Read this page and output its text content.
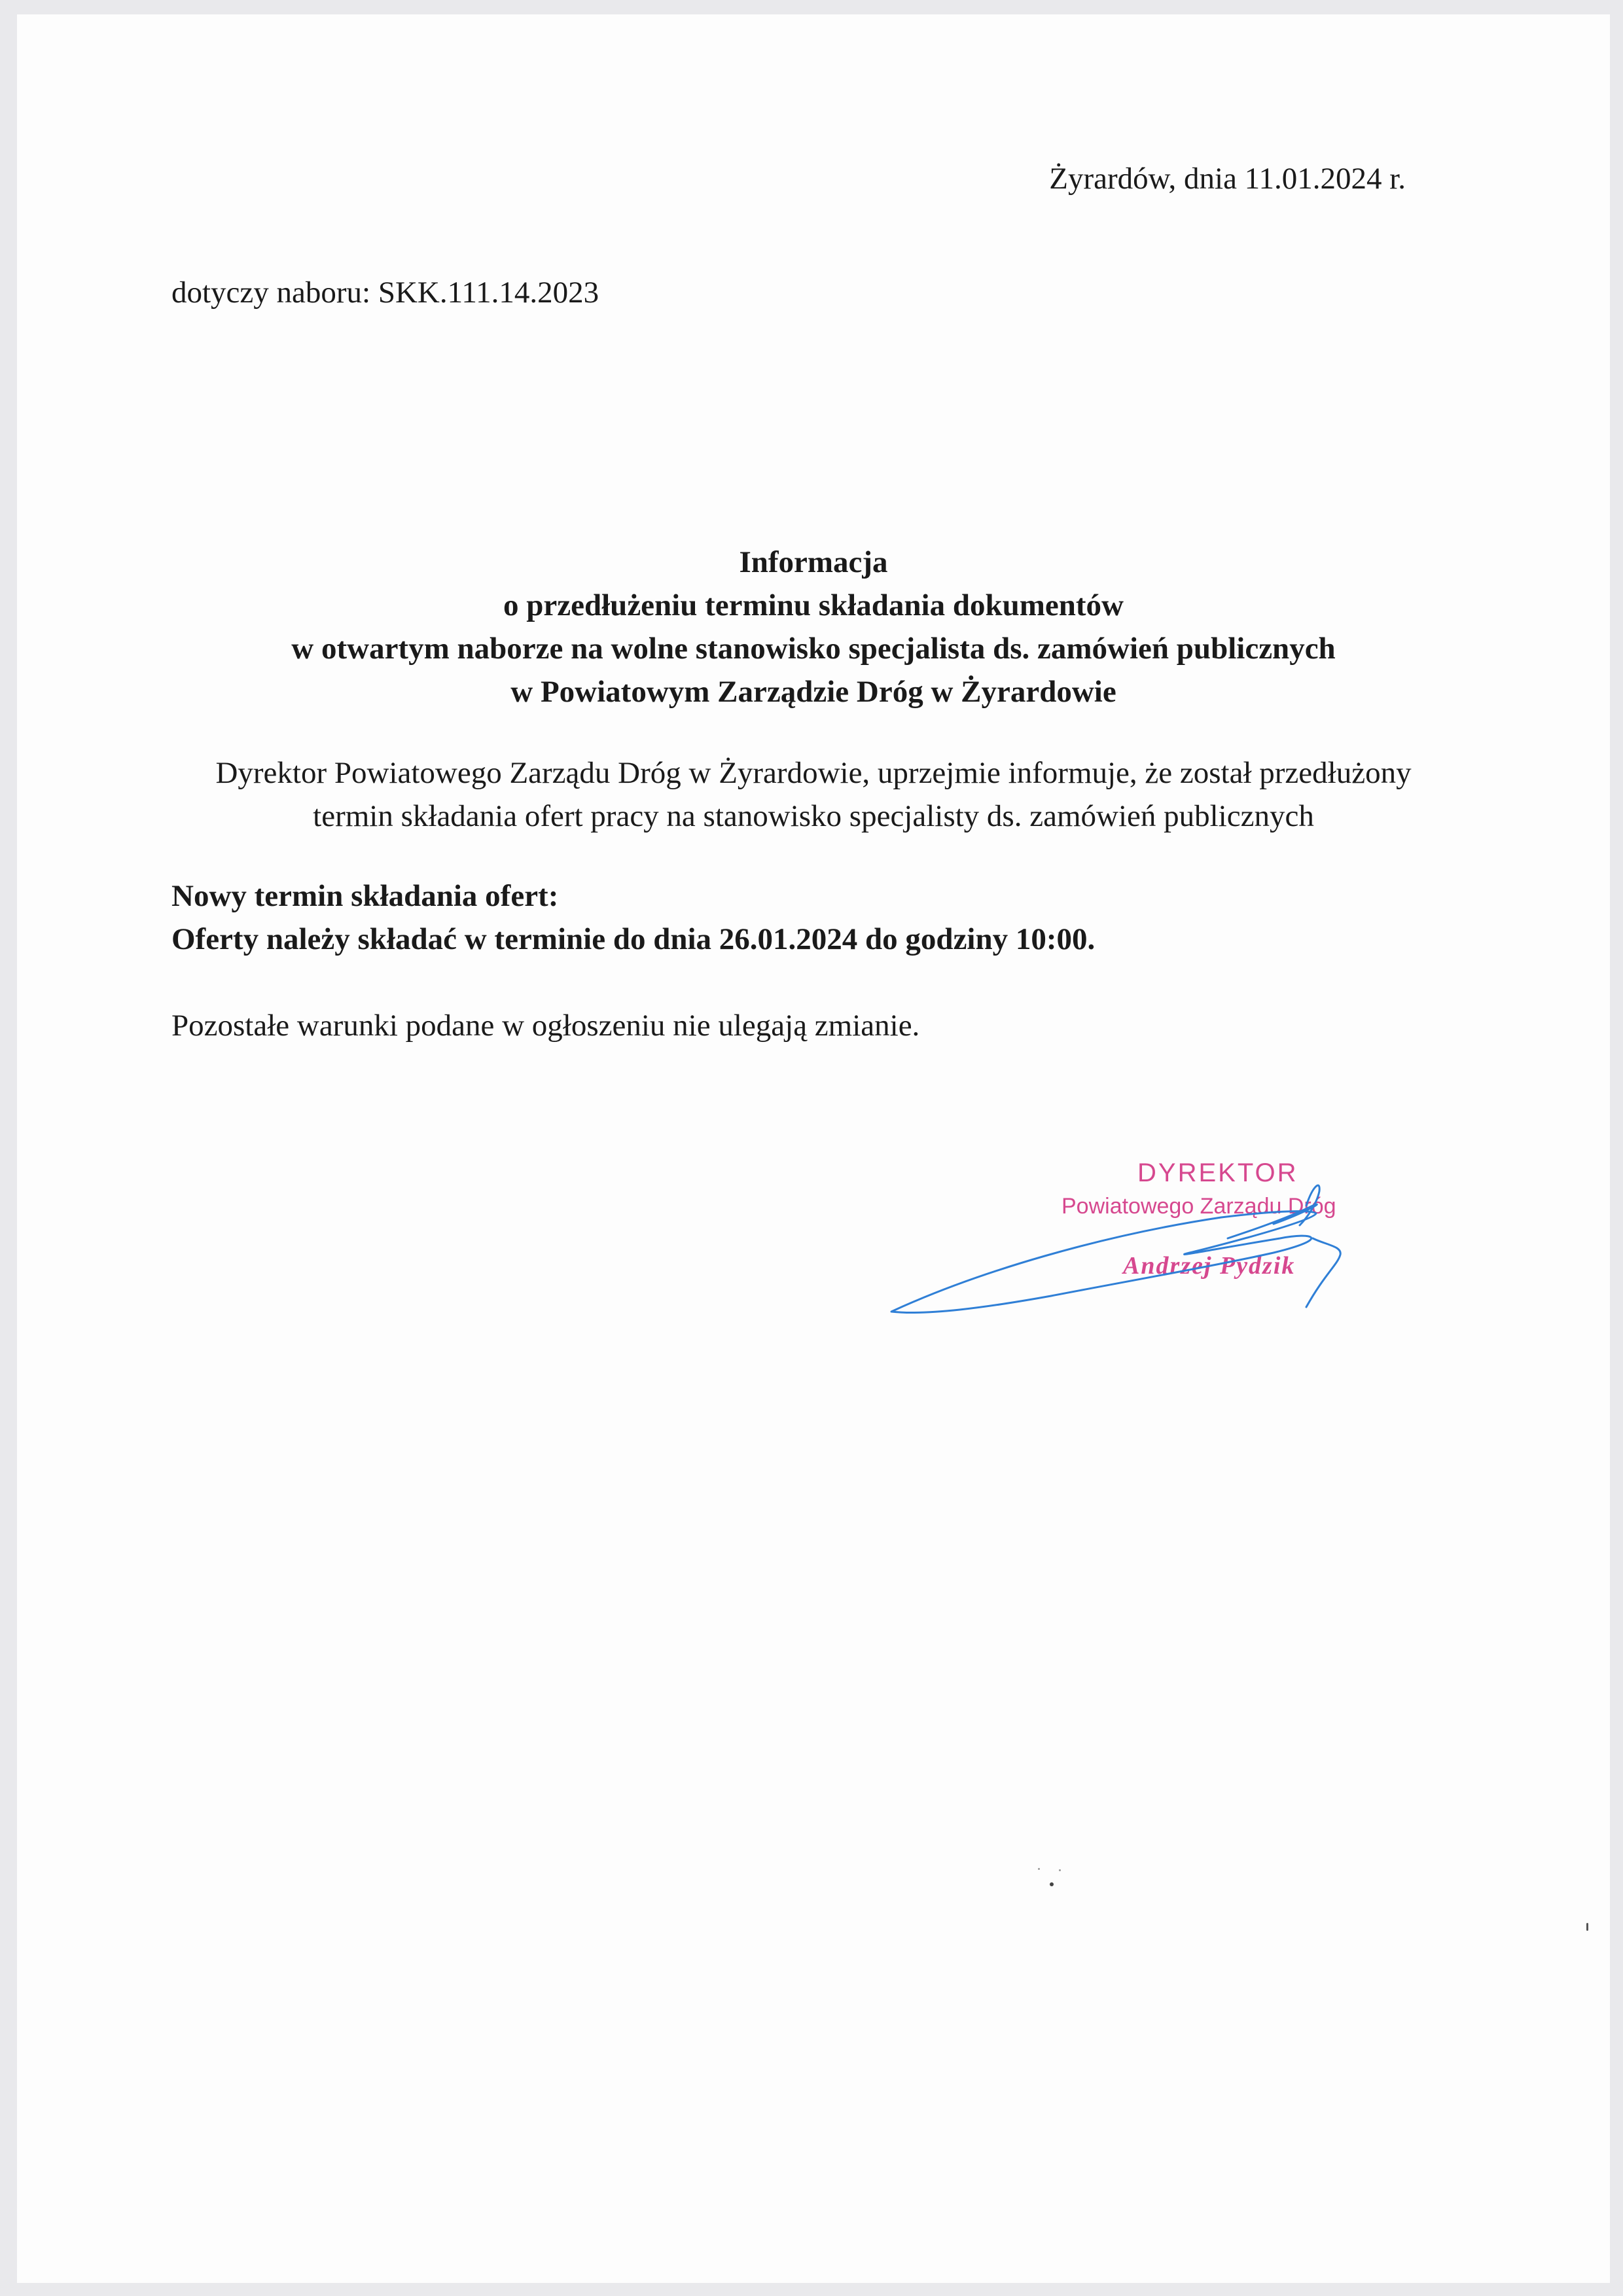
Żyrardów, dnia 11.01.2024 r.
dotyczy naboru: SKK.111.14.2023
Informacja
o przedłużeniu terminu składania dokumentów
w otwartym naborze na wolne stanowisko specjalista ds. zamówień publicznych
w Powiatowym Zarządzie Dróg w Żyrardowie
Dyrektor Powiatowego Zarządu Dróg w Żyrardowie, uprzejmie informuje, że został przedłużony
termin składania ofert pracy na stanowisko specjalisty ds. zamówień publicznych
Nowy termin składania ofert:
Oferty należy składać w terminie do dnia 26.01.2024 do godziny 10:00.
Pozostałe warunki podane w ogłoszeniu nie ulegają zmianie.
DYREKTOR
Powiatowego Zarządu Dróg
Andrzej Pydzik
